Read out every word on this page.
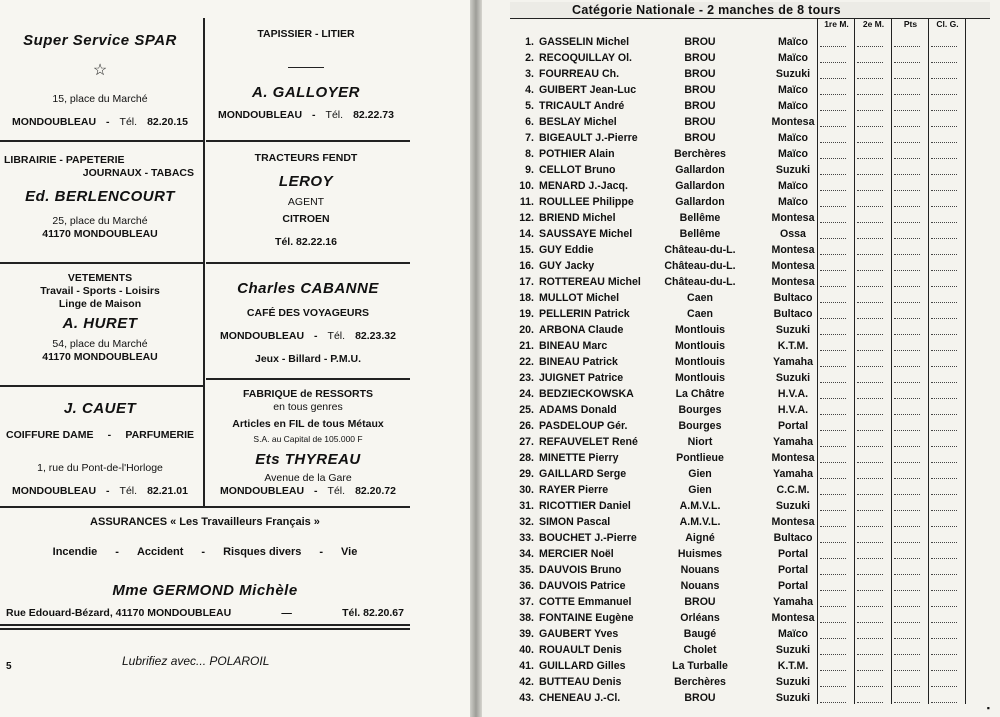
Super Service SPAR
☆
15, place du Marché
MONDOUBLEAU - Tél. 82.20.15
TAPISSIER - LITIER
A. GALLOYER
MONDOUBLEAU - Tél. 82.22.73
LIBRAIRIE - PAPETERIE
JOURNAUX - TABACS
Ed. BERLENCOURT
25, place du Marché
41170 MONDOUBLEAU
TRACTEURS FENDT
LEROY
AGENT
CITROEN
Tél. 82.22.16
VETEMENTS
Travail - Sports - Loisirs
Linge de Maison
A. HURET
54, place du Marché
41170 MONDOUBLEAU
Charles CABANNE
CAFÉ DES VOYAGEURS
MONDOUBLEAU - Tél. 82.23.32
Jeux - Billard - P.M.U.
J. CAUET
COIFFURE DAME - PARFUMERIE
1, rue du Pont-de-l'Horloge
MONDOUBLEAU - Tél. 82.21.01
FABRIQUE de RESSORTS
en tous genres
Articles en FIL de tous Métaux
S.A. au Capital de 105.000 F
Ets THYREAU
Avenue de la Gare
MONDOUBLEAU - Tél. 82.20.72
ASSURANCES « Les Travailleurs Français »
Incendie - Accident - Risques divers - Vie
Mme GERMOND Michèle
Rue Edouard-Bézard, 41170 MONDOUBLEAU	—	Tél. 82.20.67
5	Lubrifiez avec... POLAROIL
Catégorie Nationale - 2 manches de 8 tours
1re M.	2e M.	Pts	Cl. G.
1. GASSELIN Michel	BROU	Maïco
2. RECOQUILLAY Ol.	BROU	Maïco
3. FOURREAU Ch.	BROU	Suzuki
4. GUIBERT Jean-Luc	BROU	Maïco
5. TRICAULT André	BROU	Maïco
6. BESLAY Michel	BROU	Montesa
7. BIGEAULT J.-Pierre	BROU	Maïco
8. POTHIER Alain	Berchères	Maïco
9. CELLOT Bruno	Gallardon	Suzuki
10. MENARD J.-Jacq.	Gallardon	Maïco
11. ROULLEE Philippe	Gallardon	Maïco
12. BRIEND Michel	Bellême	Montesa
14. SAUSSAYE Michel	Bellême	Ossa
15. GUY Eddie	Château-du-L.	Montesa
16. GUY Jacky	Château-du-L.	Montesa
17. ROTTEREAU Michel	Château-du-L.	Montesa
18. MULLOT Michel	Caen	Bultaco
19. PELLERIN Patrick	Caen	Bultaco
20. ARBONA Claude	Montlouis	Suzuki
21. BINEAU Marc	Montlouis	K.T.M.
22. BINEAU Patrick	Montlouis	Yamaha
23. JUIGNET Patrice	Montlouis	Suzuki
24. BEDZIECKOWSKA	La Châtre	H.V.A.
25. ADAMS Donald	Bourges	H.V.A.
26. PASDELOUP Gér.	Bourges	Portal
27. REFAUVELET René	Niort	Yamaha
28. MINETTE Pierry	Pontlieue	Montesa
29. GAILLARD Serge	Gien	Yamaha
30. RAYER Pierre	Gien	C.C.M.
31. RICOTTIER Daniel	A.M.V.L.	Suzuki
32. SIMON Pascal	A.M.V.L.	Montesa
33. BOUCHET J.-Pierre	Aigné	Bultaco
34. MERCIER Noël	Huismes	Portal
35. DAUVOIS Bruno	Nouans	Portal
36. DAUVOIS Patrice	Nouans	Portal
37. COTTE Emmanuel	BROU	Yamaha
38. FONTAINE Eugène	Orléans	Montesa
39. GAUBERT Yves	Baugé	Maïco
40. ROUAULT Denis	Cholet	Suzuki
41. GUILLARD Gilles	La Turballe	K.T.M.
42. BUTTEAU Denis	Berchères	Suzuki
43. CHENEAU J.-Cl.	BROU	Suzuki
▪
